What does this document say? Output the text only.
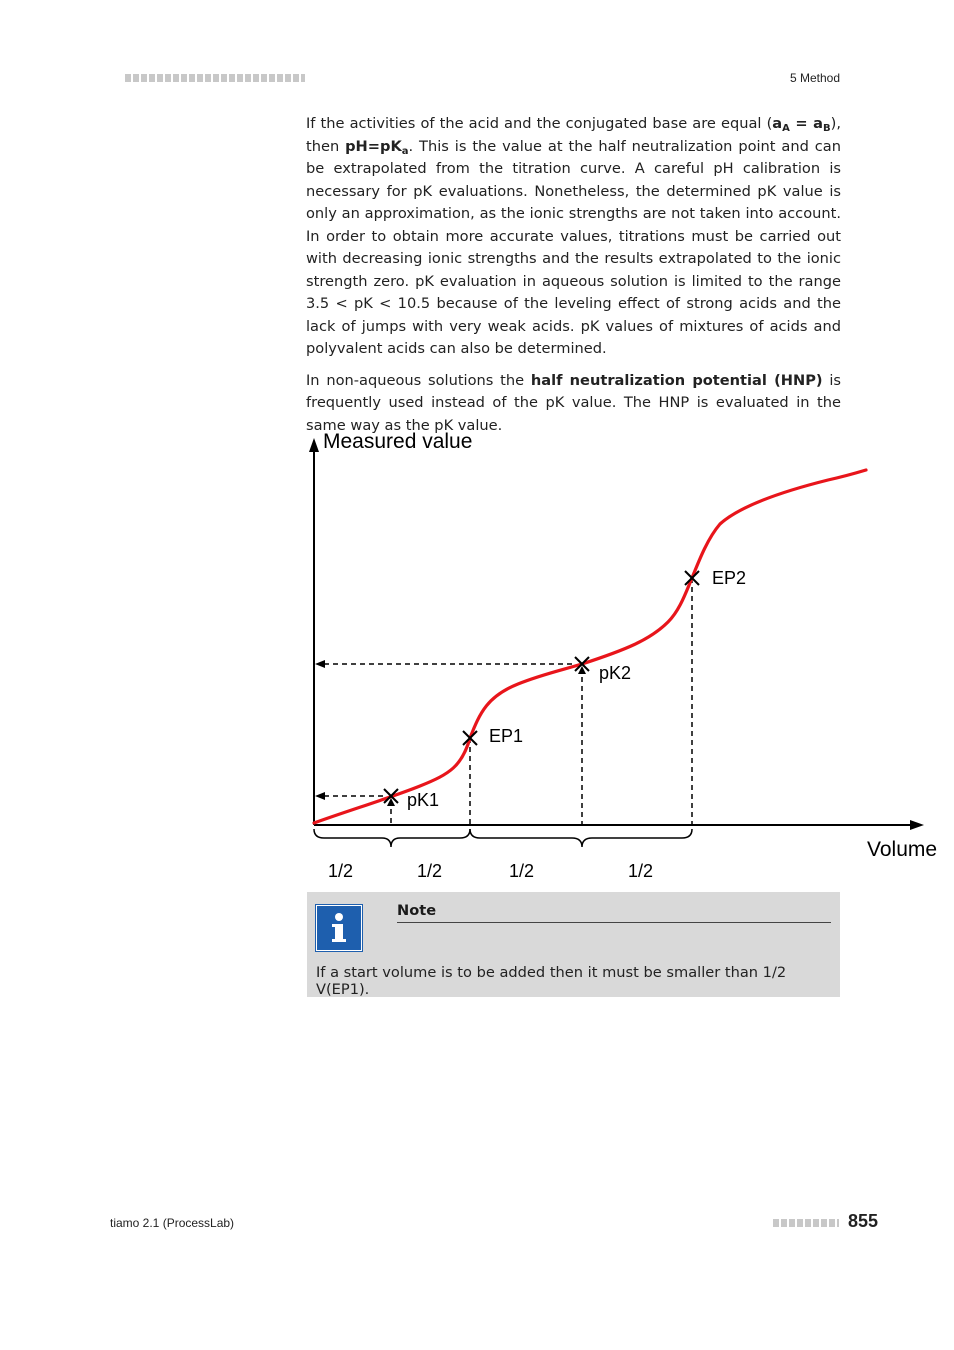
5 Method

If the activities of the acid and the conjugated base are equal $(a_A = a_B)$, then $pH=pK_a$. This is the value at the half neutralization point and can be extrapolated from the titration curve. A careful pH calibration is necessary for pK evaluations. Nonetheless, the determined pK value is only an approximation, as the ionic strengths are not taken into account. In order to obtain more accurate values, titrations must be carried out with decreasing ionic strengths and the results extrapolated to the ionic strength zero. pK evaluation in aqueous solution is limited to the range 3.5 < pK < 10.5 because of the leveling effect of strong acids and the lack of jumps with very weak acids. pK values of mixtures of acids and polyvalent acids can also be determined.

In non-aqueous solutions the half neutralization potential (HNP) is frequently used instead of the pK value. The HNP is evaluated in the same way as the pK value.

Measured value
Volume
pK1
EP1
pK2
EP2
1/2	1/2	1/2	1/2
Note
If a start volume is to be added then it must be smaller than 1/2 V(EP1).
tiamo 2.1 (ProcessLab)	855
